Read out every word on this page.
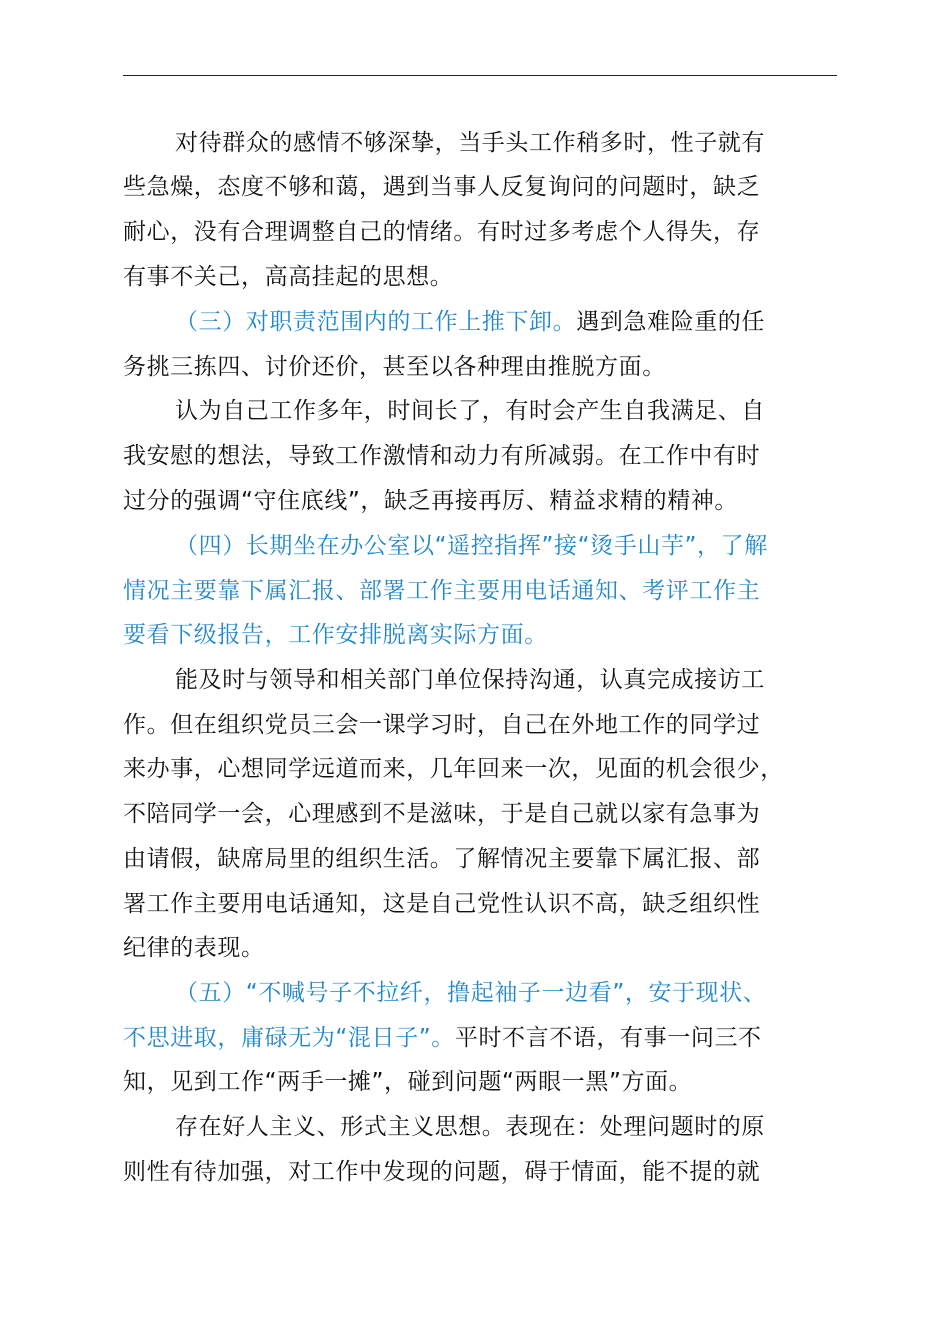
对待群众的感情不够深挚，当手头工作稍多时，性子就有
些急燥，态度不够和蔼，遇到当事人反复询问的问题时，缺乏
耐心，没有合理调整自己的情绪。有时过多考虑个人得失，存
有事不关己，高高挂起的思想。
（三）对职责范围内的工作上推下卸。遇到急难险重的任
务挑三拣四、讨价还价，甚至以各种理由推脱方面。
认为自己工作多年，时间长了，有时会产生自我满足、自
我安慰的想法，导致工作激情和动力有所减弱。在工作中有时
过分的强调“守住底线”，缺乏再接再厉、精益求精的精神。
（四）长期坐在办公室以“遥控指挥”接“烫手山芋”，了解
情况主要靠下属汇报、部署工作主要用电话通知、考评工作主
要看下级报告，工作安排脱离实际方面。
能及时与领导和相关部门单位保持沟通，认真完成接访工
作。但在组织党员三会一课学习时，自己在外地工作的同学过
来办事，心想同学远道而来，几年回来一次，见面的机会很少，
不陪同学一会，心理感到不是滋味，于是自己就以家有急事为
由请假，缺席局里的组织生活。了解情况主要靠下属汇报、部
署工作主要用电话通知，这是自己党性认识不高，缺乏组织性
纪律的表现。
（五）“不喊号子不拉纤，撸起袖子一边看”，安于现状、
不思进取，庸碌无为“混日子”。平时不言不语，有事一问三不
知，见到工作“两手一摊”，碰到问题“两眼一黑”方面。
存在好人主义、形式主义思想。表现在：处理问题时的原
则性有待加强，对工作中发现的问题，碍于情面，能不提的就
